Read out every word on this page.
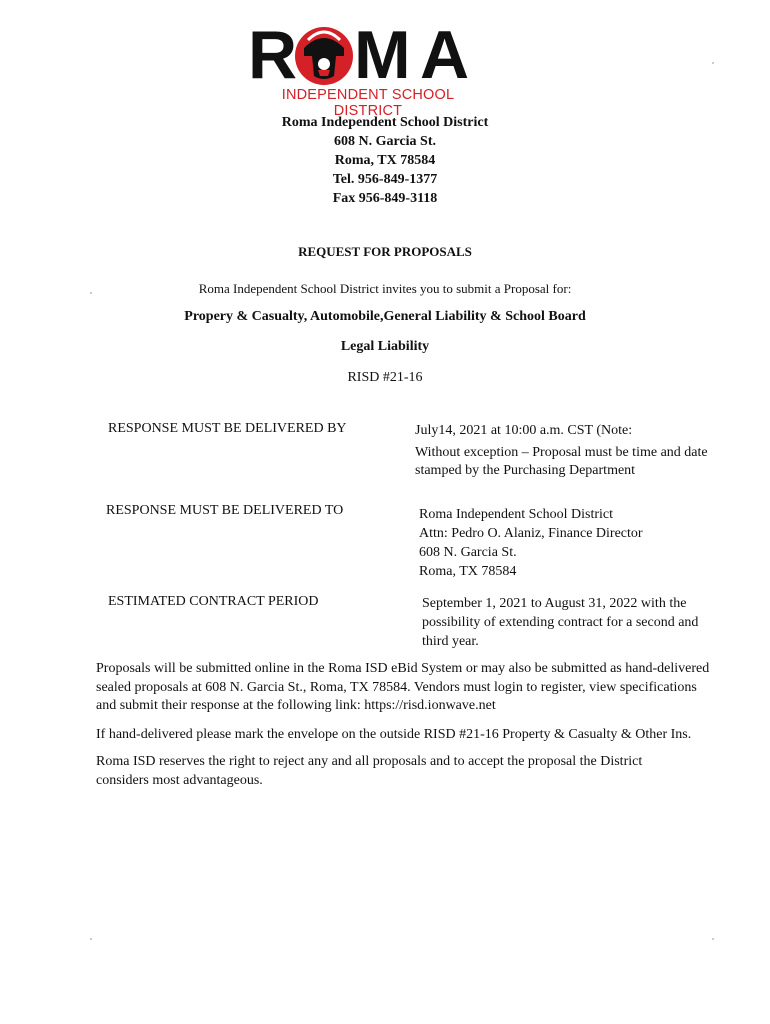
R M A
INDEPENDENT SCHOOL DISTRICT
Roma Independent School District
608 N. Garcia St.
Roma, TX 78584
Tel. 956-849-1377
Fax 956-849-3118
REQUEST FOR PROPOSALS
Roma Independent School District invites you to submit a Proposal for:
Propery & Casualty, Automobile,General Liability & School Board
Legal Liability
RISD #21-16
RESPONSE MUST BE DELIVERED BY	July14, 2021 at 10:00 a.m. CST (Note:
Without exception – Proposal must be time and date
stamped by the Purchasing Department
RESPONSE MUST BE DELIVERED TO	Roma Independent School District
Attn: Pedro O. Alaniz, Finance Director
608 N. Garcia St.
Roma, TX 78584
ESTIMATED CONTRACT PERIOD	September 1, 2021 to August 31, 2022 with the
possibility of extending contract for a second and
third year.
Proposals will be submitted online in the Roma ISD eBid System or may also be submitted as hand-delivered
sealed proposals at 608 N. Garcia St., Roma, TX 78584. Vendors must login to register, view specifications
and submit their response at the following link: https://risd.ionwave.net
If hand-delivered please mark the envelope on the outside RISD #21-16 Property & Casualty & Other Ins.
Roma ISD reserves the right to reject any and all proposals and to accept the proposal the District
considers most advantageous.
